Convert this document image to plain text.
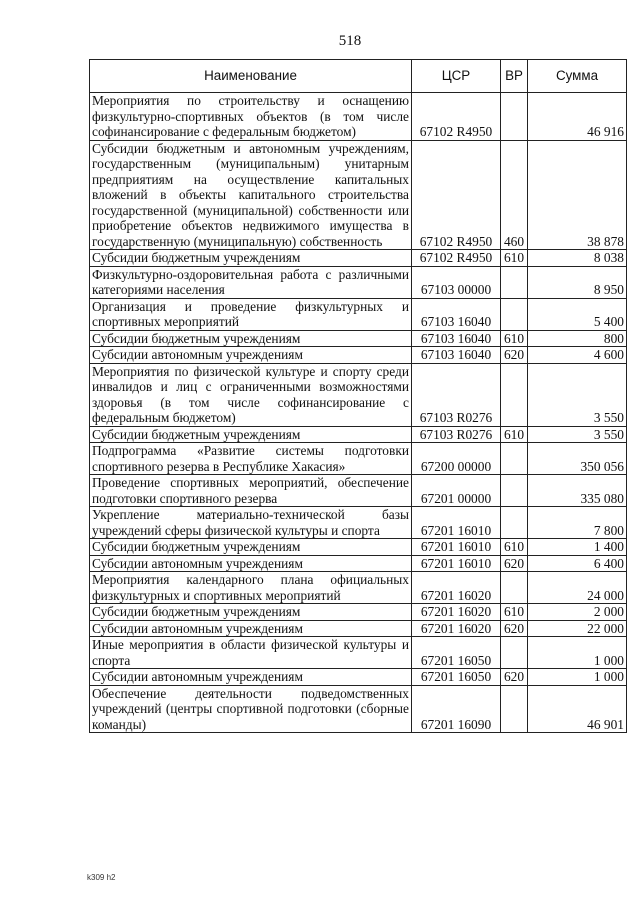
518
Наименование	ЦСР	ВР	Сумма
Мероприятия по строительству и оснащению физкультурно-спортивных объектов (в том числе софинансирование с федеральным бюджетом)	67102 R4950		46 916
Субсидии бюджетным и автономным учреждениям, государственным (муниципальным) унитарным предприятиям на осуществление капитальных вложений в объекты капитального строительства государственной (муниципальной) собственности или приобретение объектов недвижимого имущества в государственную (муниципальную) собственность	67102 R4950	460	38 878
Субсидии бюджетным учреждениям	67102 R4950	610	8 038
Физкультурно-оздоровительная работа с различными категориями населения	67103 00000		8 950
Организация и проведение физкультурных и спортивных мероприятий	67103 16040		5 400
Субсидии бюджетным учреждениям	67103 16040	610	800
Субсидии автономным учреждениям	67103 16040	620	4 600
Мероприятия по физической культуре и спорту среди инвалидов и лиц с ограниченными возможностями здоровья (в том числе софинансирование с федеральным бюджетом)	67103 R0276		3 550
Субсидии бюджетным учреждениям	67103 R0276	610	3 550
Подпрограмма «Развитие системы подготовки спортивного резерва в Республике Хакасия»	67200 00000		350 056
Проведение спортивных мероприятий, обеспечение подготовки спортивного резерва	67201 00000		335 080
Укрепление материально-технической базы учреждений сферы физической культуры и спорта	67201 16010		7 800
Субсидии бюджетным учреждениям	67201 16010	610	1 400
Субсидии автономным учреждениям	67201 16010	620	6 400
Мероприятия календарного плана официальных физкультурных и спортивных мероприятий	67201 16020		24 000
Субсидии бюджетным учреждениям	67201 16020	610	2 000
Субсидии автономным учреждениям	67201 16020	620	22 000
Иные мероприятия в области физической культуры и спорта	67201 16050		1 000
Субсидии автономным учреждениям	67201 16050	620	1 000
Обеспечение деятельности подведомственных учреждений (центры спортивной подготовки (сборные команды)	67201 16090		46 901
k309 h2
